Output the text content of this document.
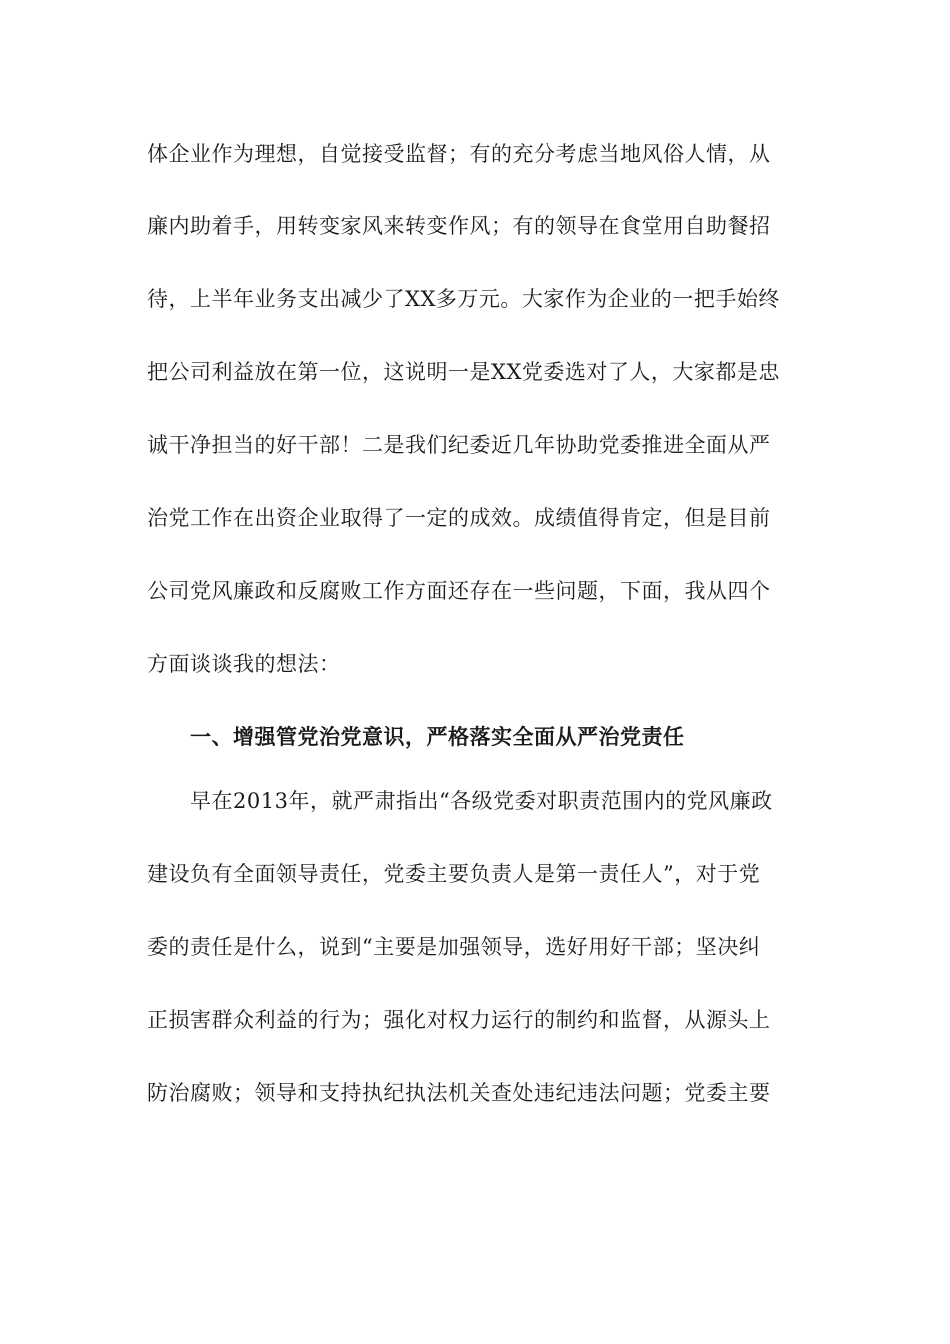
体企业作为理想，自觉接受监督；有的充分考虑当地风俗人情，从
廉内助着手，用转变家风来转变作风；有的领导在食堂用自助餐招
待，上半年业务支出减少了XX多万元。大家作为企业的一把手始终
把公司利益放在第一位，这说明一是XX党委选对了人，大家都是忠
诚干净担当的好干部！二是我们纪委近几年协助党委推进全面从严
治党工作在出资企业取得了一定的成效。成绩值得肯定，但是目前
公司党风廉政和反腐败工作方面还存在一些问题，下面，我从四个
方面谈谈我的想法：
一、增强管党治党意识，严格落实全面从严治党责任
早在2013年，就严肃指出“各级党委对职责范围内的党风廉政
建设负有全面领导责任，党委主要负责人是第一责任人”，对于党
委的责任是什么，说到“主要是加强领导，选好用好干部；坚决纠
正损害群众利益的行为；强化对权力运行的制约和监督，从源头上
防治腐败；领导和支持执纪执法机关查处违纪违法问题；党委主要
